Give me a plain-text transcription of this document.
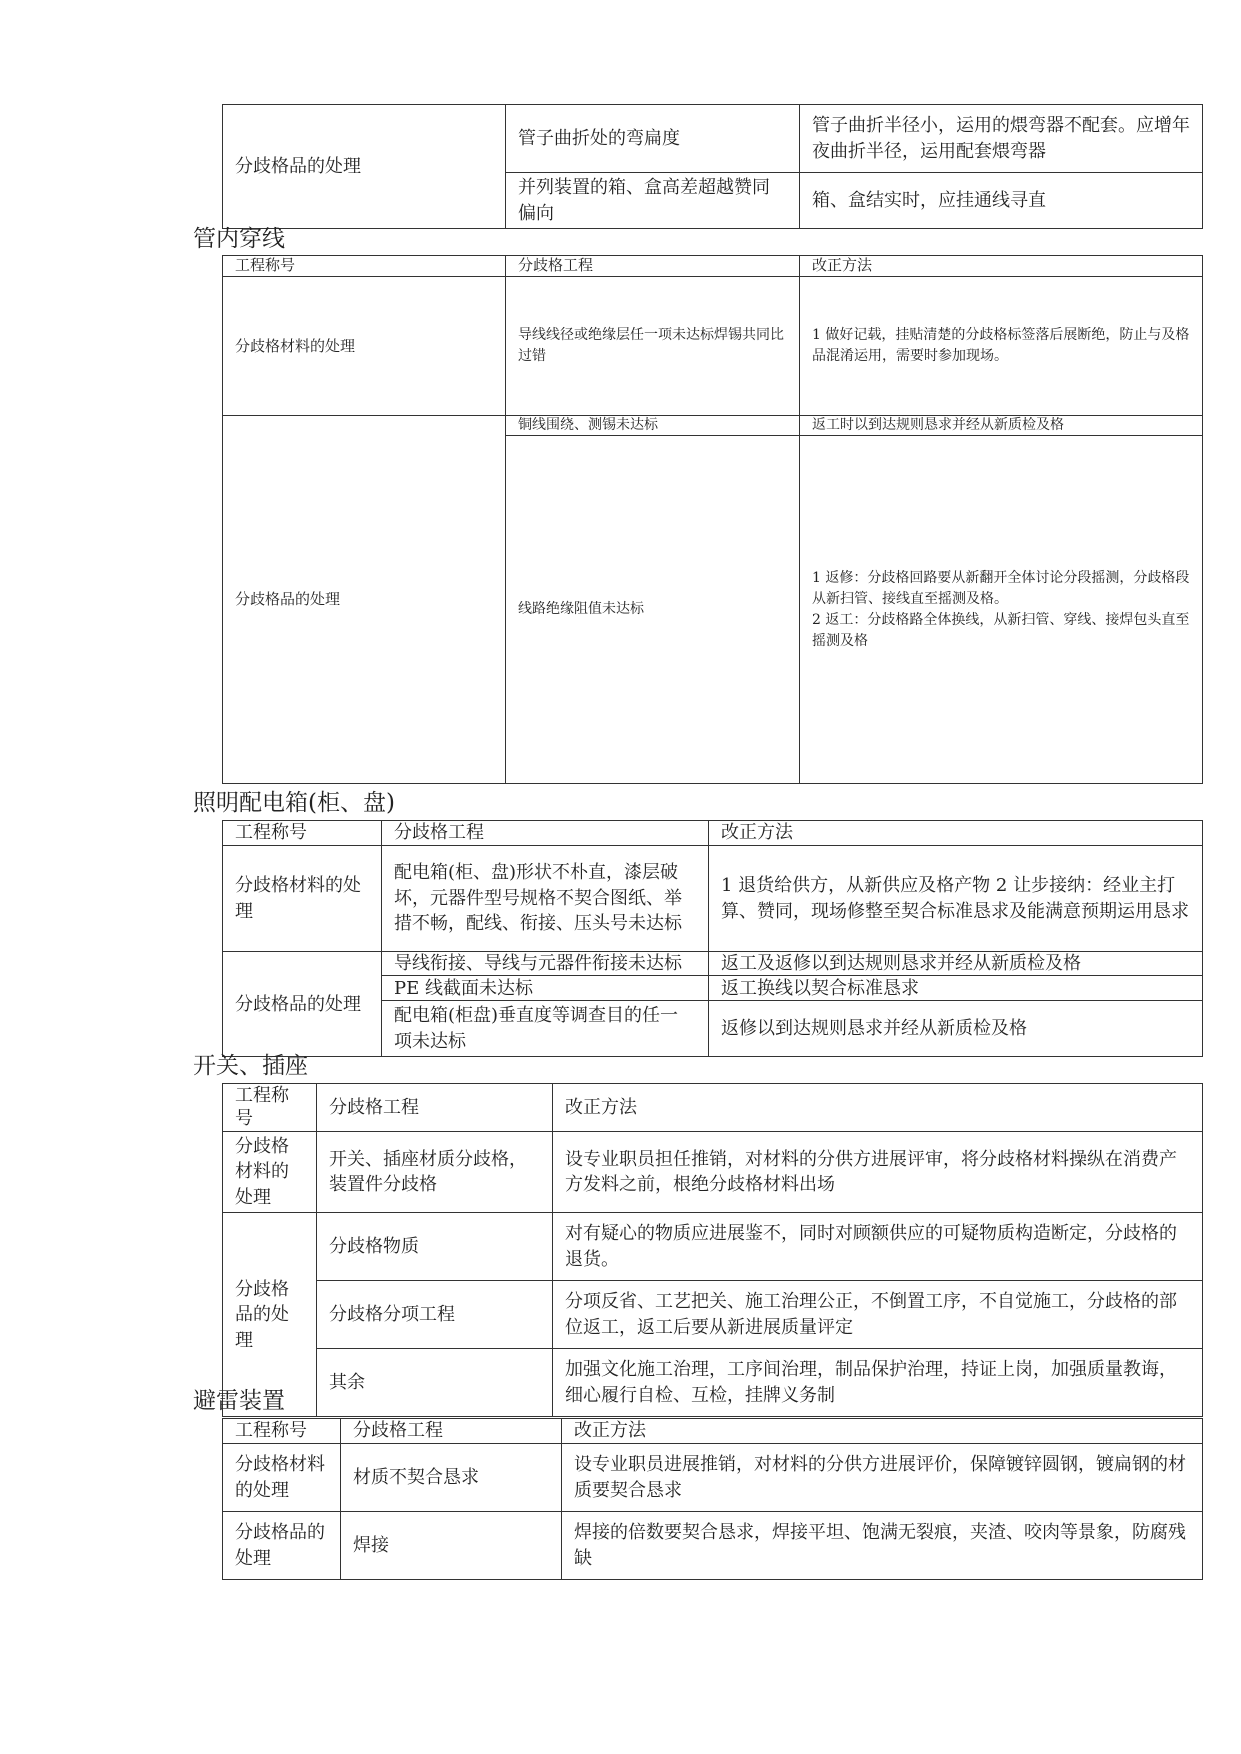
分歧格品的处理	管子曲折处的弯扁度	管子曲折半径小，运用的煨弯器不配套。应增年夜曲折半径，运用配套煨弯器
	并列装置的箱、盒高差超越赞同偏向	箱、盒结实时，应挂通线寻直
管内穿线
工程称号	分歧格工程	改正方法
分歧格材料的处理	导线线径或绝缘层任一项未达标焊锡共同比过错	1 做好记载，挂贴清楚的分歧格标签落后展断绝，防止与及格品混淆运用，需要时参加现场。
分歧格品的处理	铜线围绕、测锡未达标	返工时以到达规则恳求并经从新质检及格
	线路绝缘阻值未达标	1 返修：分歧格回路要从新翻开全体讨论分段摇测，分歧格段从新扫管、接线直至摇测及格。
2 返工：分歧格路全体换线，从新扫管、穿线、接焊包头直至摇测及格
照明配电箱(柜、盘)
工程称号	分歧格工程	改正方法
分歧格材料的处理	配电箱(柜、盘)形状不朴直，漆层破坏，元器件型号规格不契合图纸、举措不畅，配线、衔接、压头号未达标	1 退货给供方，从新供应及格产物 2 让步接纳：经业主打算、赞同，现场修整至契合标准恳求及能满意预期运用恳求
分歧格品的处理	导线衔接、导线与元器件衔接未达标	返工及返修以到达规则恳求并经从新质检及格
	PE 线截面未达标	返工换线以契合标准恳求
	配电箱(柜盘)垂直度等调查目的任一项未达标	返修以到达规则恳求并经从新质检及格
开关、插座
工程称号	分歧格工程	改正方法
分歧格材料的处理	开关、插座材质分歧格，装置件分歧格	设专业职员担任推销，对材料的分供方进展评审，将分歧格材料操纵在消费产方发料之前，根绝分歧格材料出场
分歧格品的处理	分歧格物质	对有疑心的物质应进展鉴不，同时对顾额供应的可疑物质构造断定，分歧格的退货。
	分歧格分项工程	分项反省、工艺把关、施工治理公正，不倒置工序，不自觉施工，分歧格的部位返工，返工后要从新进展质量评定
	其余	加强文化施工治理，工序间治理，制品保护治理，持证上岗，加强质量教诲，细心履行自检、互检，挂牌义务制
避雷装置
工程称号	分歧格工程	改正方法
分歧格材料的处理	材质不契合恳求	设专业职员进展推销，对材料的分供方进展评价，保障镀锌圆钢，镀扁钢的材质要契合恳求
分歧格品的处理	焊接	焊接的倍数要契合恳求，焊接平坦、饱满无裂痕，夹渣、咬肉等景象，防腐残缺
